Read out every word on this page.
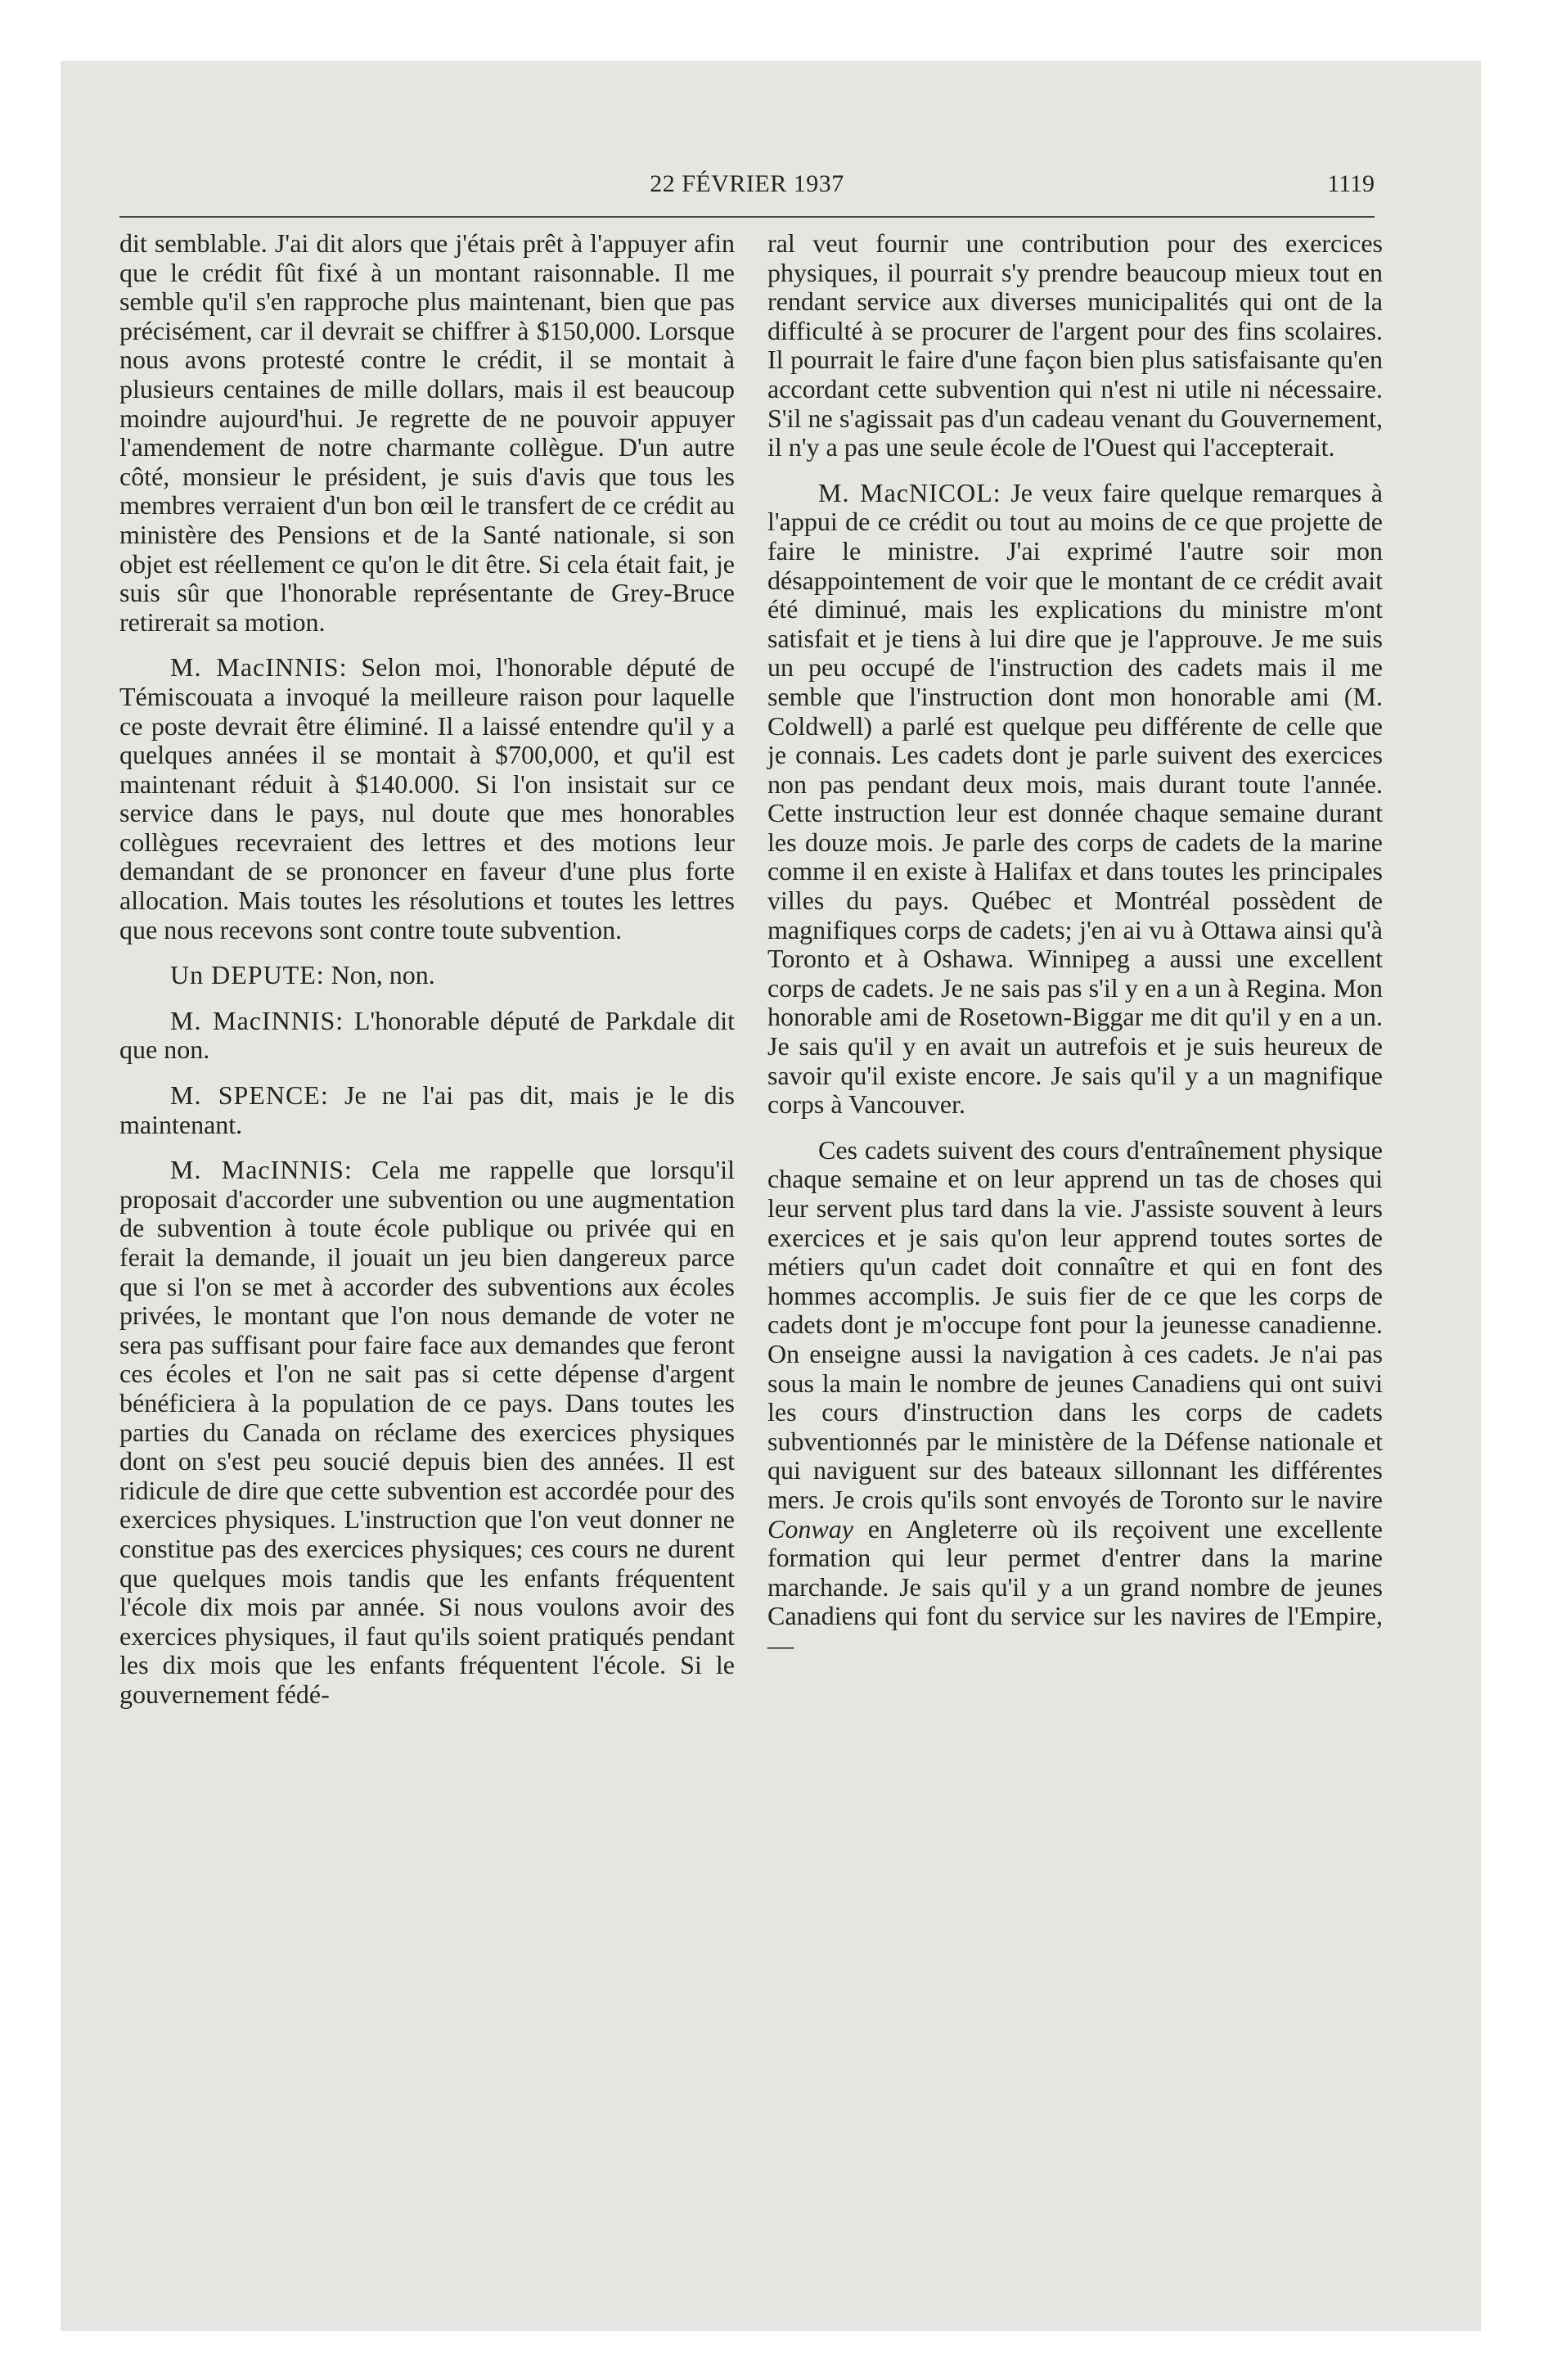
22 FÉVRIER 1937	1119

dit semblable. J'ai dit alors que j'étais prêt à l'appuyer afin que le crédit fût fixé à un montant raisonnable. Il me semble qu'il s'en rapproche plus maintenant, bien que pas précisément, car il devrait se chiffrer à $150,000. Lorsque nous avons protesté contre le crédit, il se montait à plusieurs centaines de mille dollars, mais il est beaucoup moindre aujourd'hui. Je regrette de ne pouvoir appuyer l'amendement de notre charmante collègue. D'un autre côté, monsieur le président, je suis d'avis que tous les membres verraient d'un bon œil le transfert de ce crédit au ministère des Pensions et de la Santé nationale, si son objet est réellement ce qu'on le dit être. Si cela était fait, je suis sûr que l'honorable représentante de Grey-Bruce retirerait sa motion.

M. MacINNIS: Selon moi, l'honorable député de Témiscouata a invoqué la meilleure raison pour laquelle ce poste devrait être éliminé. Il a laissé entendre qu'il y a quelques années il se montait à $700,000, et qu'il est maintenant réduit à $140.000. Si l'on insistait sur ce service dans le pays, nul doute que mes honorables collègues recevraient des lettres et des motions leur demandant de se prononcer en faveur d'une plus forte allocation. Mais toutes les résolutions et toutes les lettres que nous recevons sont contre toute subvention.

Un DEPUTE: Non, non.

M. MacINNIS: L'honorable député de Parkdale dit que non.

M. SPENCE: Je ne l'ai pas dit, mais je le dis maintenant.

M. MacINNIS: Cela me rappelle que lorsqu'il proposait d'accorder une subvention ou une augmentation de subvention à toute école publique ou privée qui en ferait la demande, il jouait un jeu bien dangereux parce que si l'on se met à accorder des subventions aux écoles privées, le montant que l'on nous demande de voter ne sera pas suffisant pour faire face aux demandes que feront ces écoles et l'on ne sait pas si cette dépense d'argent bénéficiera à la population de ce pays. Dans toutes les parties du Canada on réclame des exercices physiques dont on s'est peu soucié depuis bien des années. Il est ridicule de dire que cette subvention est accordée pour des exercices physiques. L'instruction que l'on veut donner ne constitue pas des exercices physiques; ces cours ne durent que quelques mois tandis que les enfants fréquentent l'école dix mois par année. Si nous voulons avoir des exercices physiques, il faut qu'ils soient pratiqués pendant les dix mois que les enfants fréquentent l'école. Si le gouvernement fédé-

ral veut fournir une contribution pour des exercices physiques, il pourrait s'y prendre beaucoup mieux tout en rendant service aux diverses municipalités qui ont de la difficulté à se procurer de l'argent pour des fins scolaires. Il pourrait le faire d'une façon bien plus satisfaisante qu'en accordant cette subvention qui n'est ni utile ni nécessaire. S'il ne s'agissait pas d'un cadeau venant du Gouvernement, il n'y a pas une seule école de l'Ouest qui l'accepterait.

M. MacNICOL: Je veux faire quelque remarques à l'appui de ce crédit ou tout au moins de ce que projette de faire le ministre. J'ai exprimé l'autre soir mon désappointement de voir que le montant de ce crédit avait été diminué, mais les explications du ministre m'ont satisfait et je tiens à lui dire que je l'approuve. Je me suis un peu occupé de l'instruction des cadets mais il me semble que l'instruction dont mon honorable ami (M. Coldwell) a parlé est quelque peu différente de celle que je connais. Les cadets dont je parle suivent des exercices non pas pendant deux mois, mais durant toute l'année. Cette instruction leur est donnée chaque semaine durant les douze mois. Je parle des corps de cadets de la marine comme il en existe à Halifax et dans toutes les principales villes du pays. Québec et Montréal possèdent de magnifiques corps de cadets; j'en ai vu à Ottawa ainsi qu'à Toronto et à Oshawa. Winnipeg a aussi une excellent corps de cadets. Je ne sais pas s'il y en a un à Regina. Mon honorable ami de Rosetown-Biggar me dit qu'il y en a un. Je sais qu'il y en avait un autrefois et je suis heureux de savoir qu'il existe encore. Je sais qu'il y a un magnifique corps à Vancouver.

Ces cadets suivent des cours d'entraînement physique chaque semaine et on leur apprend un tas de choses qui leur servent plus tard dans la vie. J'assiste souvent à leurs exercices et je sais qu'on leur apprend toutes sortes de métiers qu'un cadet doit connaître et qui en font des hommes accomplis. Je suis fier de ce que les corps de cadets dont je m'occupe font pour la jeunesse canadienne. On enseigne aussi la navigation à ces cadets. Je n'ai pas sous la main le nombre de jeunes Canadiens qui ont suivi les cours d'instruction dans les corps de cadets subventionnés par le ministère de la Défense nationale et qui naviguent sur des bateaux sillonnant les différentes mers. Je crois qu'ils sont envoyés de Toronto sur le navire Conway en Angleterre où ils reçoivent une excellente formation qui leur permet d'entrer dans la marine marchande. Je sais qu'il y a un grand nombre de jeunes Canadiens qui font du service sur les navires de l'Empire,—
